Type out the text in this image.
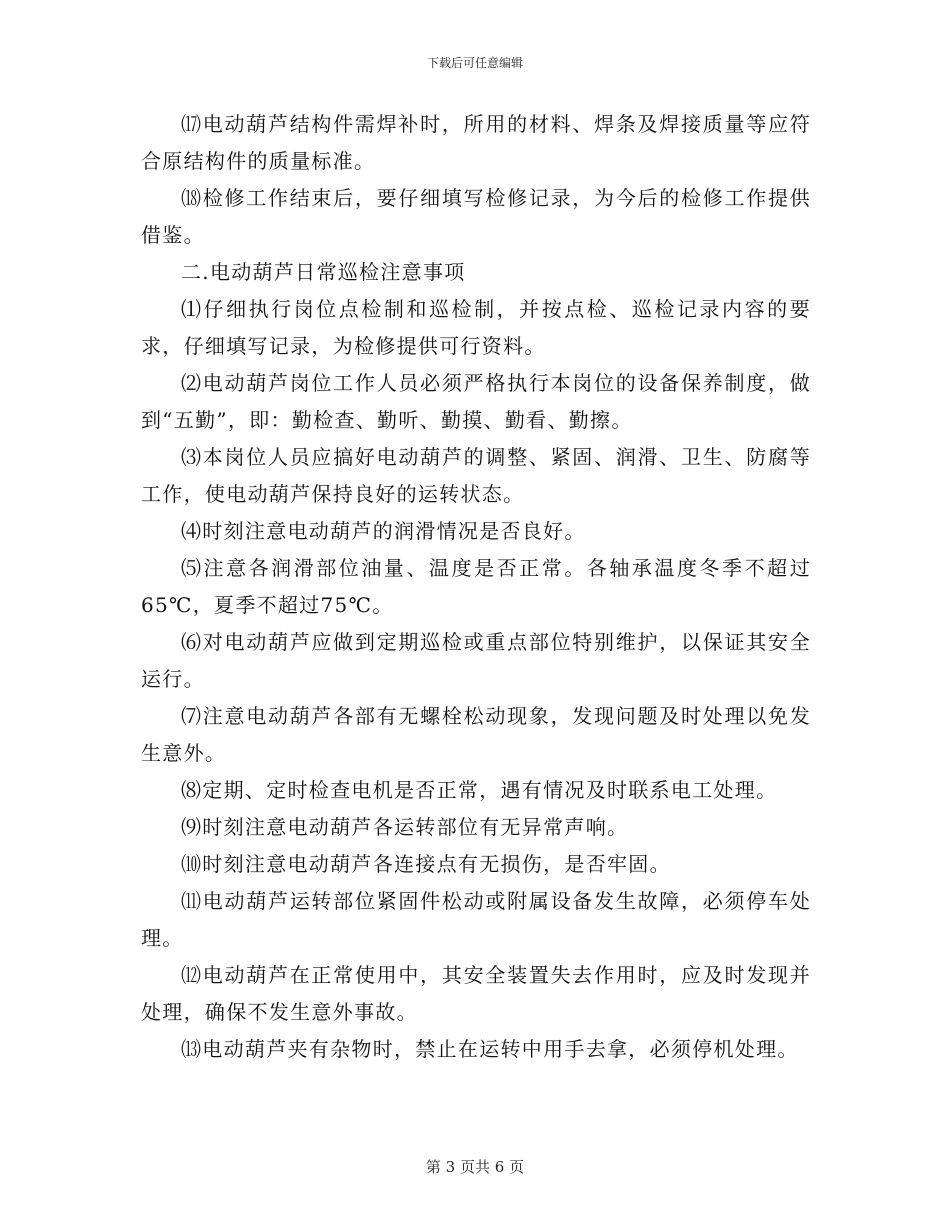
下载后可任意编辑

⒄电动葫芦结构件需焊补时，所用的材料、焊条及焊接质量等应符合原结构件的质量标准。

⒅检修工作结束后，要仔细填写检修记录，为今后的检修工作提供借鉴。

二.电动葫芦日常巡检注意事项

⑴仔细执行岗位点检制和巡检制，并按点检、巡检记录内容的要求，仔细填写记录，为检修提供可行资料。

⑵电动葫芦岗位工作人员必须严格执行本岗位的设备保养制度，做到“五勤”，即：勤检查、勤听、勤摸、勤看、勤擦。

⑶本岗位人员应搞好电动葫芦的调整、紧固、润滑、卫生、防腐等工作，使电动葫芦保持良好的运转状态。

⑷时刻注意电动葫芦的润滑情况是否良好。

⑸注意各润滑部位油量、温度是否正常。各轴承温度冬季不超过65℃，夏季不超过75℃。

⑹对电动葫芦应做到定期巡检或重点部位特别维护，以保证其安全运行。

⑺注意电动葫芦各部有无螺栓松动现象，发现问题及时处理以免发生意外。

⑻定期、定时检查电机是否正常，遇有情况及时联系电工处理。

⑼时刻注意电动葫芦各运转部位有无异常声响。

⑽时刻注意电动葫芦各连接点有无损伤，是否牢固。

⑾电动葫芦运转部位紧固件松动或附属设备发生故障，必须停车处理。

⑿电动葫芦在正常使用中，其安全装置失去作用时，应及时发现并处理，确保不发生意外事故。

⒀电动葫芦夹有杂物时，禁止在运转中用手去拿，必须停机处理。

第 3 页共 6 页
